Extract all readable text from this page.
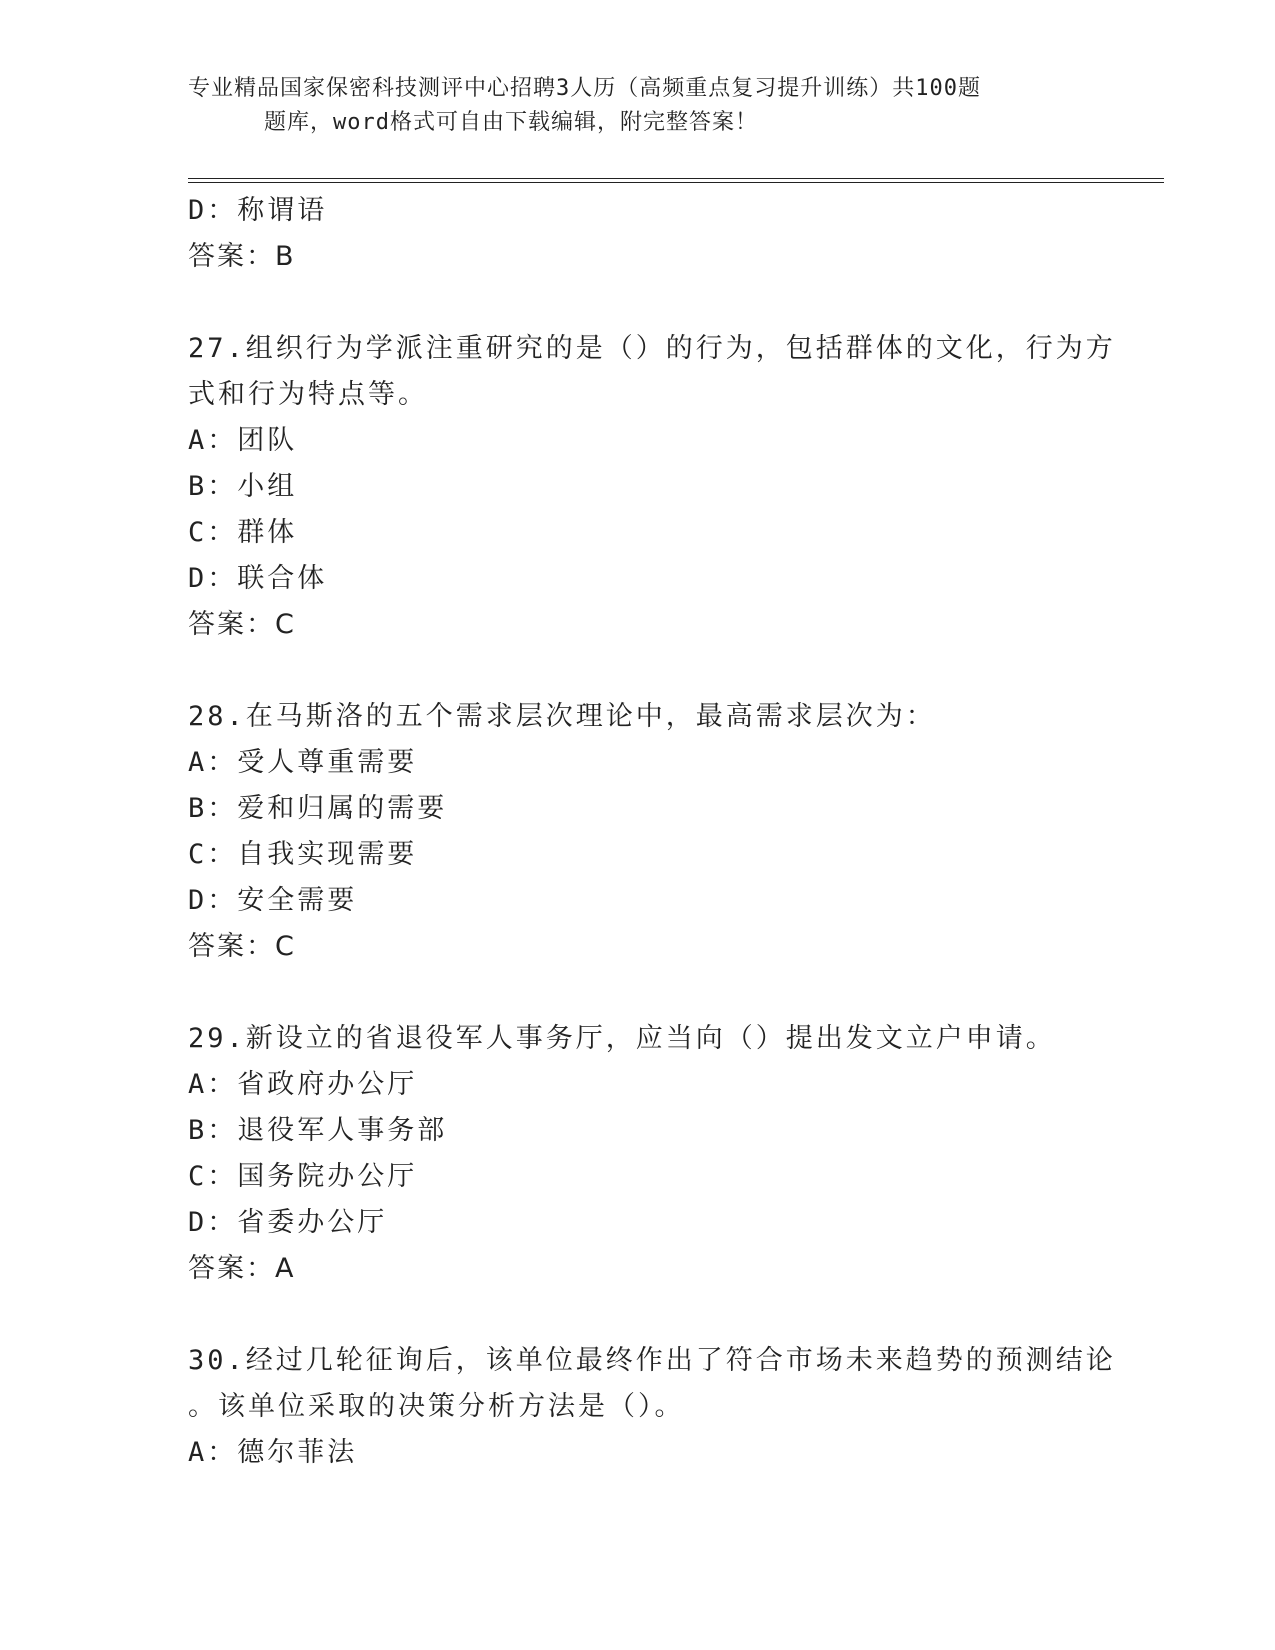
专业精品国家保密科技测评中心招聘3人历（高频重点复习提升训练）共100题
题库，word格式可自由下载编辑，附完整答案！
D：称谓语
答案：B
27.组织行为学派注重研究的是（）的行为，包括群体的文化，行为方
式和行为特点等。
A：团队
B：小组
C：群体
D：联合体
答案：C
28.在马斯洛的五个需求层次理论中，最高需求层次为：
A：受人尊重需要
B：爱和归属的需要
C：自我实现需要
D：安全需要
答案：C
29.新设立的省退役军人事务厅，应当向（）提出发文立户申请。
A：省政府办公厅
B：退役军人事务部
C：国务院办公厅
D：省委办公厅
答案：A
30.经过几轮征询后，该单位最终作出了符合市场未来趋势的预测结论
。该单位采取的决策分析方法是（）。
A：德尔菲法
